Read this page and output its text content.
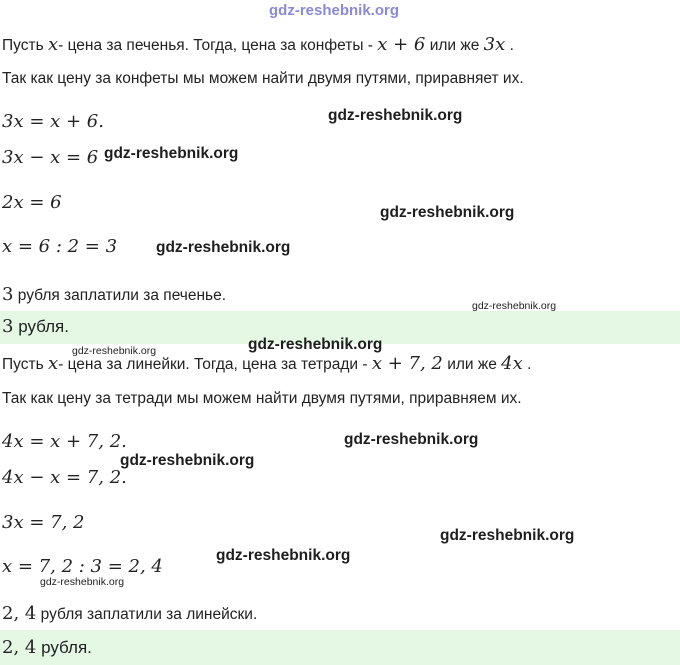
gdz-reshebnik.org
Пусть x- цена за печенья. Тогда, цена за конфеты - x + 6 или же 3x .
Так как цену за конфеты мы можем найти двумя путями, приравняет их.
3x = x + 6.
3x − x = 6
2x = 6
x = 6 : 2 = 3
3 рубля заплатили за печенье.
3 рубля.
Пусть x- цена за линейки. Тогда, цена за тетради - x + 7, 2 или же 4x .
Так как цену за тетради мы можем найти двумя путями, приравняем их.
4x = x + 7, 2.
4x − x = 7, 2.
3x = 7, 2
x = 7, 2 : 3 = 2, 4
2, 4 рубля заплатили за линейски.
2, 4 рубля.
gdz-reshebnik.org
gdz-reshebnik.org
gdz-reshebnik.org
gdz-reshebnik.org
gdz-reshebnik.org
gdz-reshebnik.org
gdz-reshebnik.org
gdz-reshebnik.org
gdz-reshebnik.org
gdz-reshebnik.org
gdz-reshebnik.org
gdz-reshebnik.org
